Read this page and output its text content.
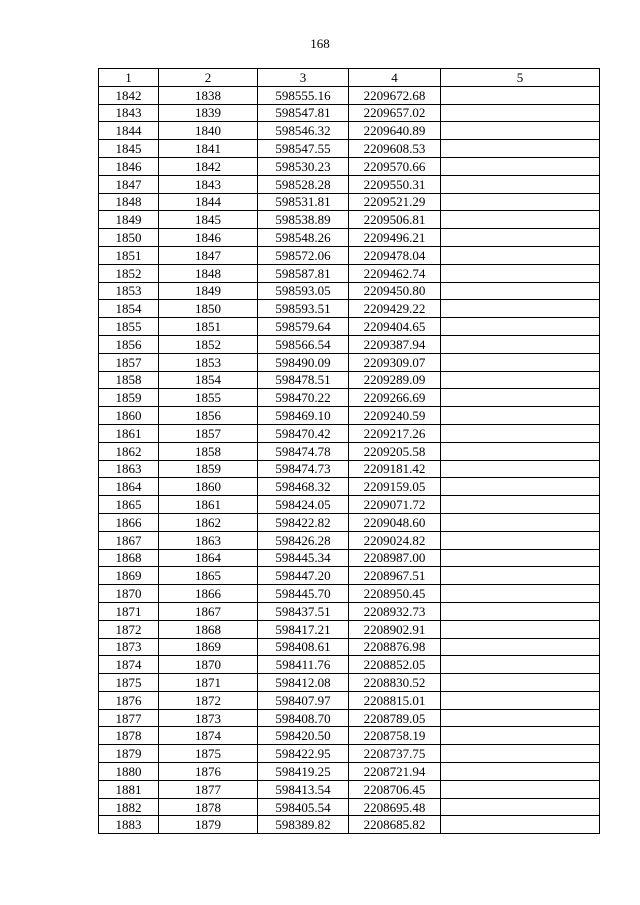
168
1	2	3	4	5
1842	1838	598555.16	2209672.68	
1843	1839	598547.81	2209657.02	
1844	1840	598546.32	2209640.89	
1845	1841	598547.55	2209608.53	
1846	1842	598530.23	2209570.66	
1847	1843	598528.28	2209550.31	
1848	1844	598531.81	2209521.29	
1849	1845	598538.89	2209506.81	
1850	1846	598548.26	2209496.21	
1851	1847	598572.06	2209478.04	
1852	1848	598587.81	2209462.74	
1853	1849	598593.05	2209450.80	
1854	1850	598593.51	2209429.22	
1855	1851	598579.64	2209404.65	
1856	1852	598566.54	2209387.94	
1857	1853	598490.09	2209309.07	
1858	1854	598478.51	2209289.09	
1859	1855	598470.22	2209266.69	
1860	1856	598469.10	2209240.59	
1861	1857	598470.42	2209217.26	
1862	1858	598474.78	2209205.58	
1863	1859	598474.73	2209181.42	
1864	1860	598468.32	2209159.05	
1865	1861	598424.05	2209071.72	
1866	1862	598422.82	2209048.60	
1867	1863	598426.28	2209024.82	
1868	1864	598445.34	2208987.00	
1869	1865	598447.20	2208967.51	
1870	1866	598445.70	2208950.45	
1871	1867	598437.51	2208932.73	
1872	1868	598417.21	2208902.91	
1873	1869	598408.61	2208876.98	
1874	1870	598411.76	2208852.05	
1875	1871	598412.08	2208830.52	
1876	1872	598407.97	2208815.01	
1877	1873	598408.70	2208789.05	
1878	1874	598420.50	2208758.19	
1879	1875	598422.95	2208737.75	
1880	1876	598419.25	2208721.94	
1881	1877	598413.54	2208706.45	
1882	1878	598405.54	2208695.48	
1883	1879	598389.82	2208685.82	
